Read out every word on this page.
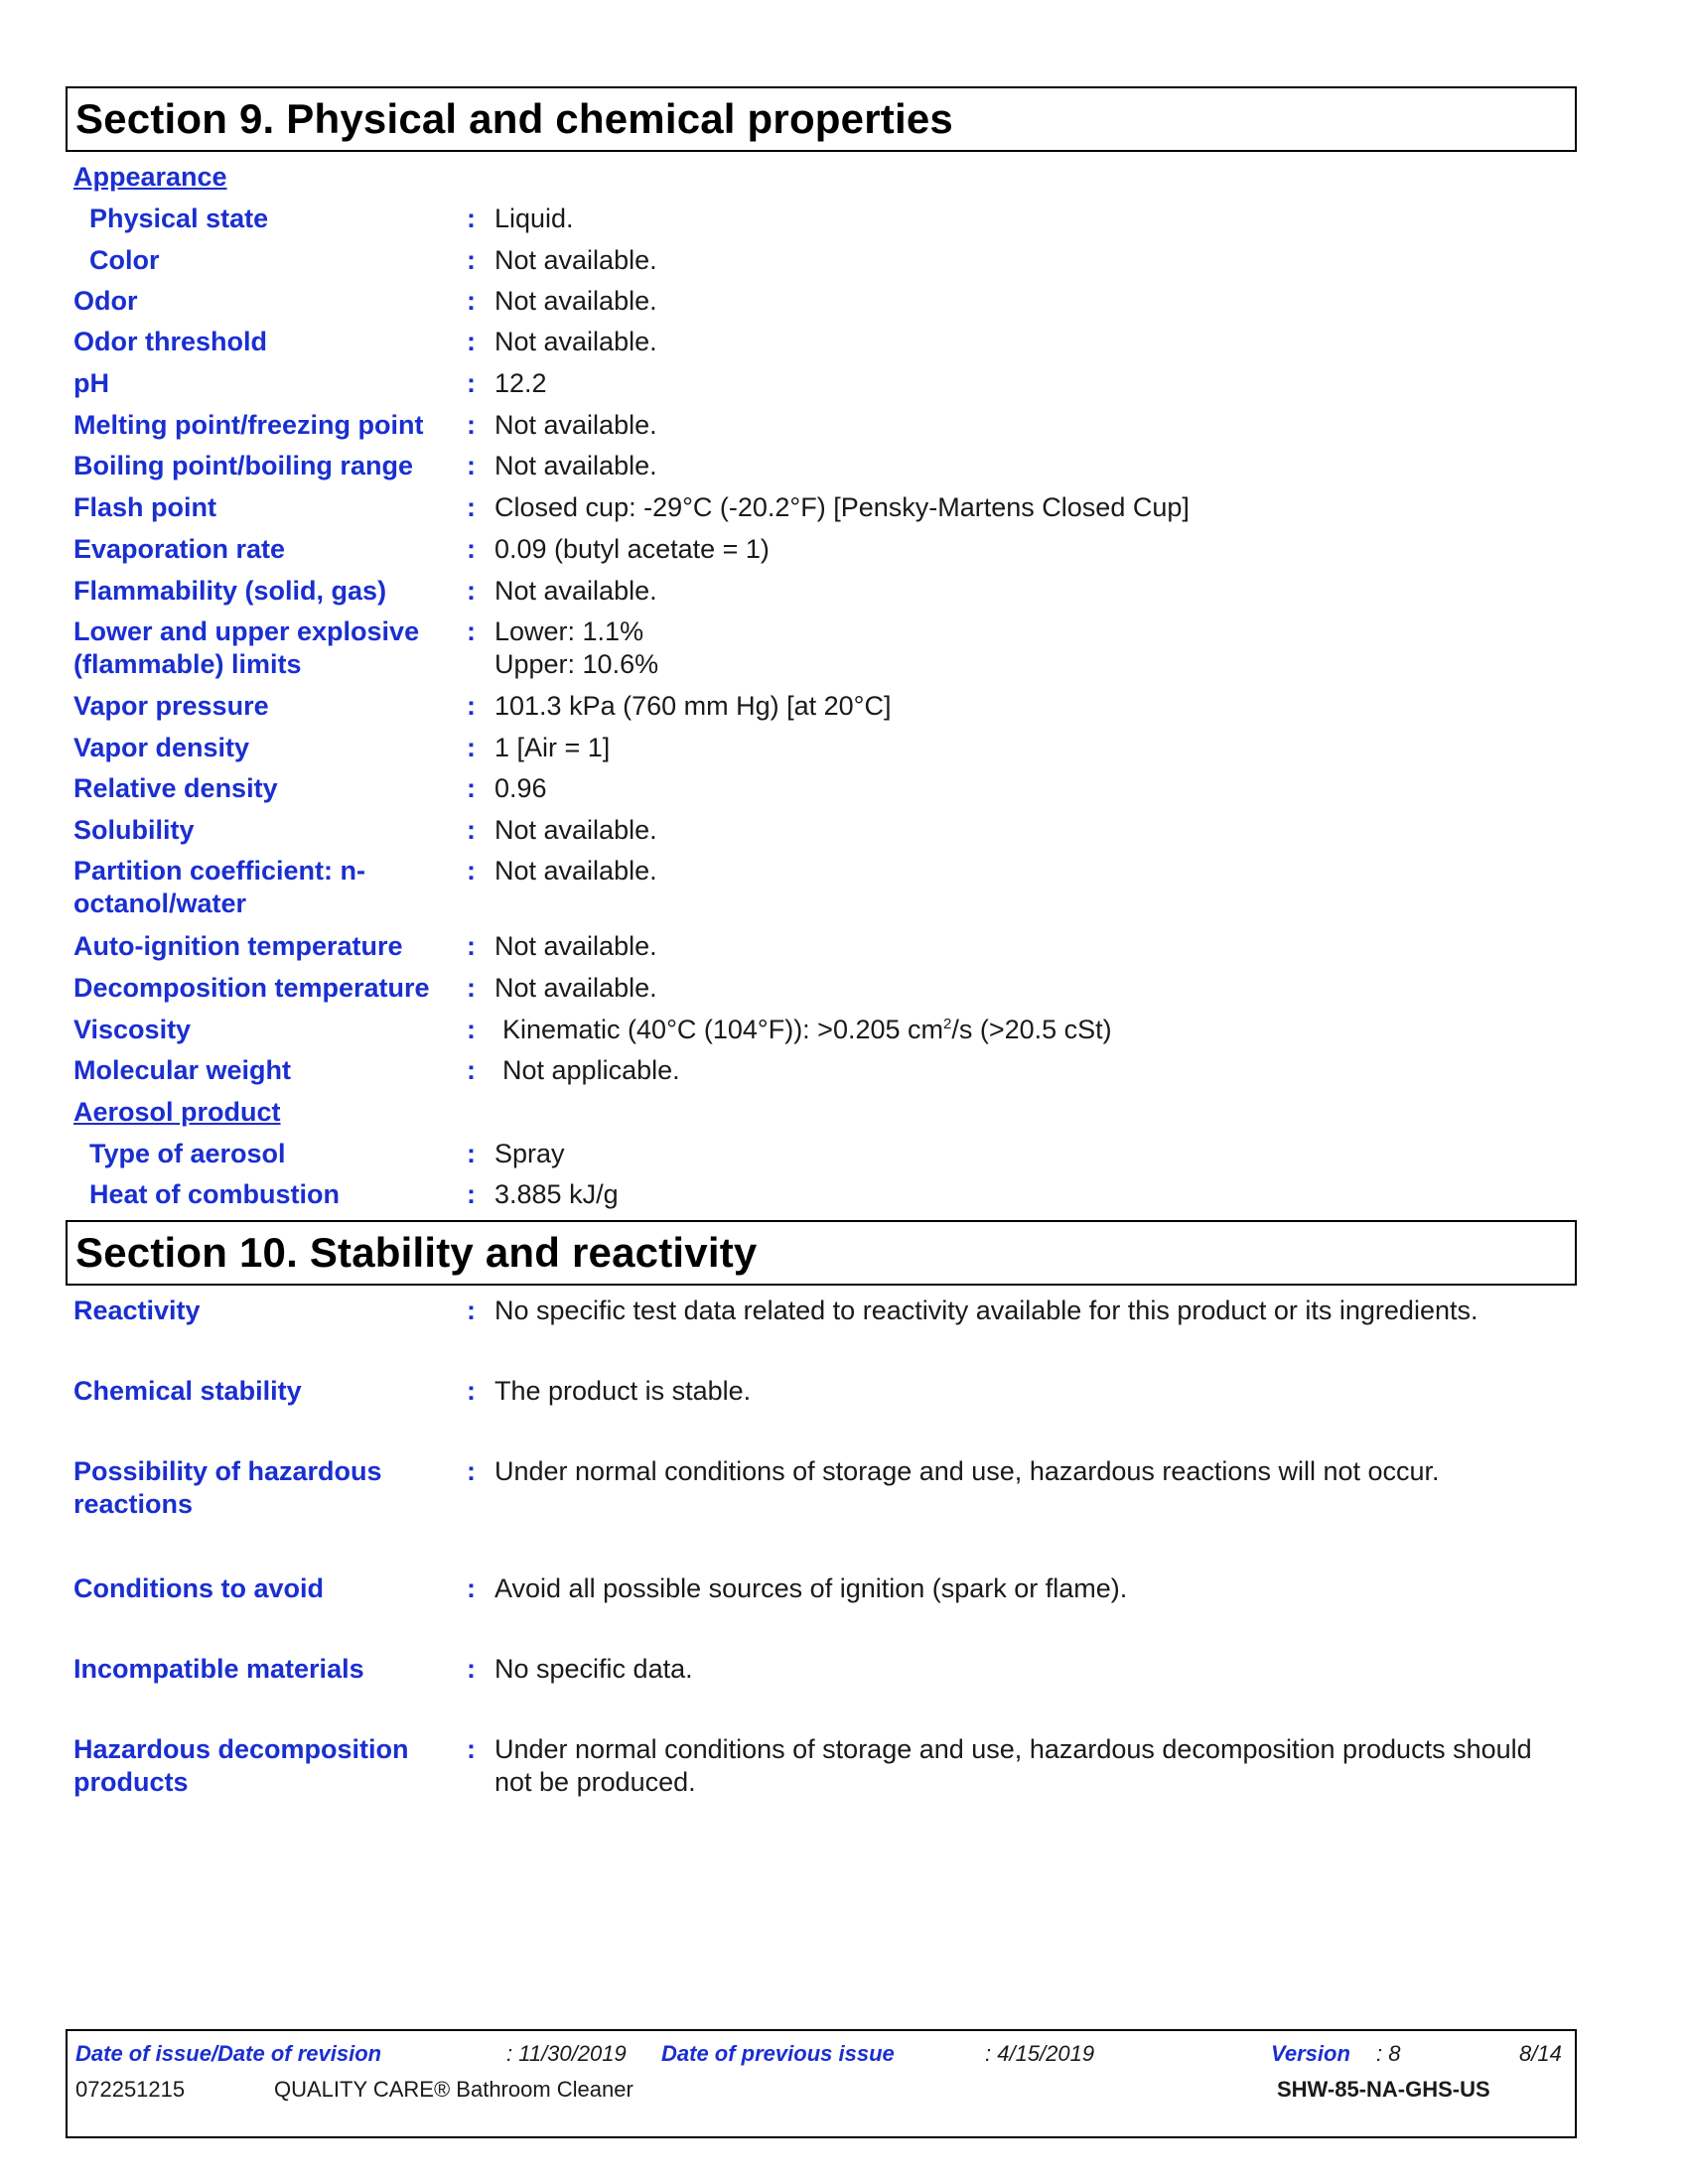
Section 9. Physical and chemical properties
Appearance
Physical state	: Liquid.
Color	: Not available.
Odor	: Not available.
Odor threshold	: Not available.
pH	: 12.2
Melting point/freezing point	: Not available.
Boiling point/boiling range	: Not available.
Flash point	: Closed cup: -29°C (-20.2°F) [Pensky-Martens Closed Cup]
Evaporation rate	: 0.09 (butyl acetate = 1)
Flammability (solid, gas)	: Not available.
Lower and upper explosive
(flammable) limits
: Lower: 1.1%
Upper: 10.6%
Vapor pressure	: 101.3 kPa (760 mm Hg) [at 20°C]
Vapor density	: 1 [Air = 1]
Relative density	: 0.96
Solubility	: Not available.
Partition coefficient: n-
octanol/water
: Not available.
Auto-ignition temperature	: Not available.
Decomposition temperature	: Not available.
Viscosity	: Kinematic (40°C (104°F)): >0.205 $cm^2/s$ (>20.5 cSt)
Molecular weight	: Not applicable.
Aerosol product
Type of aerosol	: Spray
Heat of combustion	: 3.885 kJ/g
Section 10. Stability and reactivity
Reactivity	: No specific test data related to reactivity available for this product or its ingredients.
Chemical stability	: The product is stable.
Possibility of hazardous
reactions
: Under normal conditions of storage and use, hazardous reactions will not occur.
Conditions to avoid	: Avoid all possible sources of ignition (spark or flame).
Incompatible materials	: No specific data.
Hazardous decomposition
products
: Under normal conditions of storage and use, hazardous decomposition products should
not be produced.
Date of issue/Date of revision	: 11/30/2019 Date of previous issue	: 4/15/2019	Version : 8	8/14
072251215	QUALITY CARE® Bathroom Cleaner	SHW-85-NA-GHS-US
